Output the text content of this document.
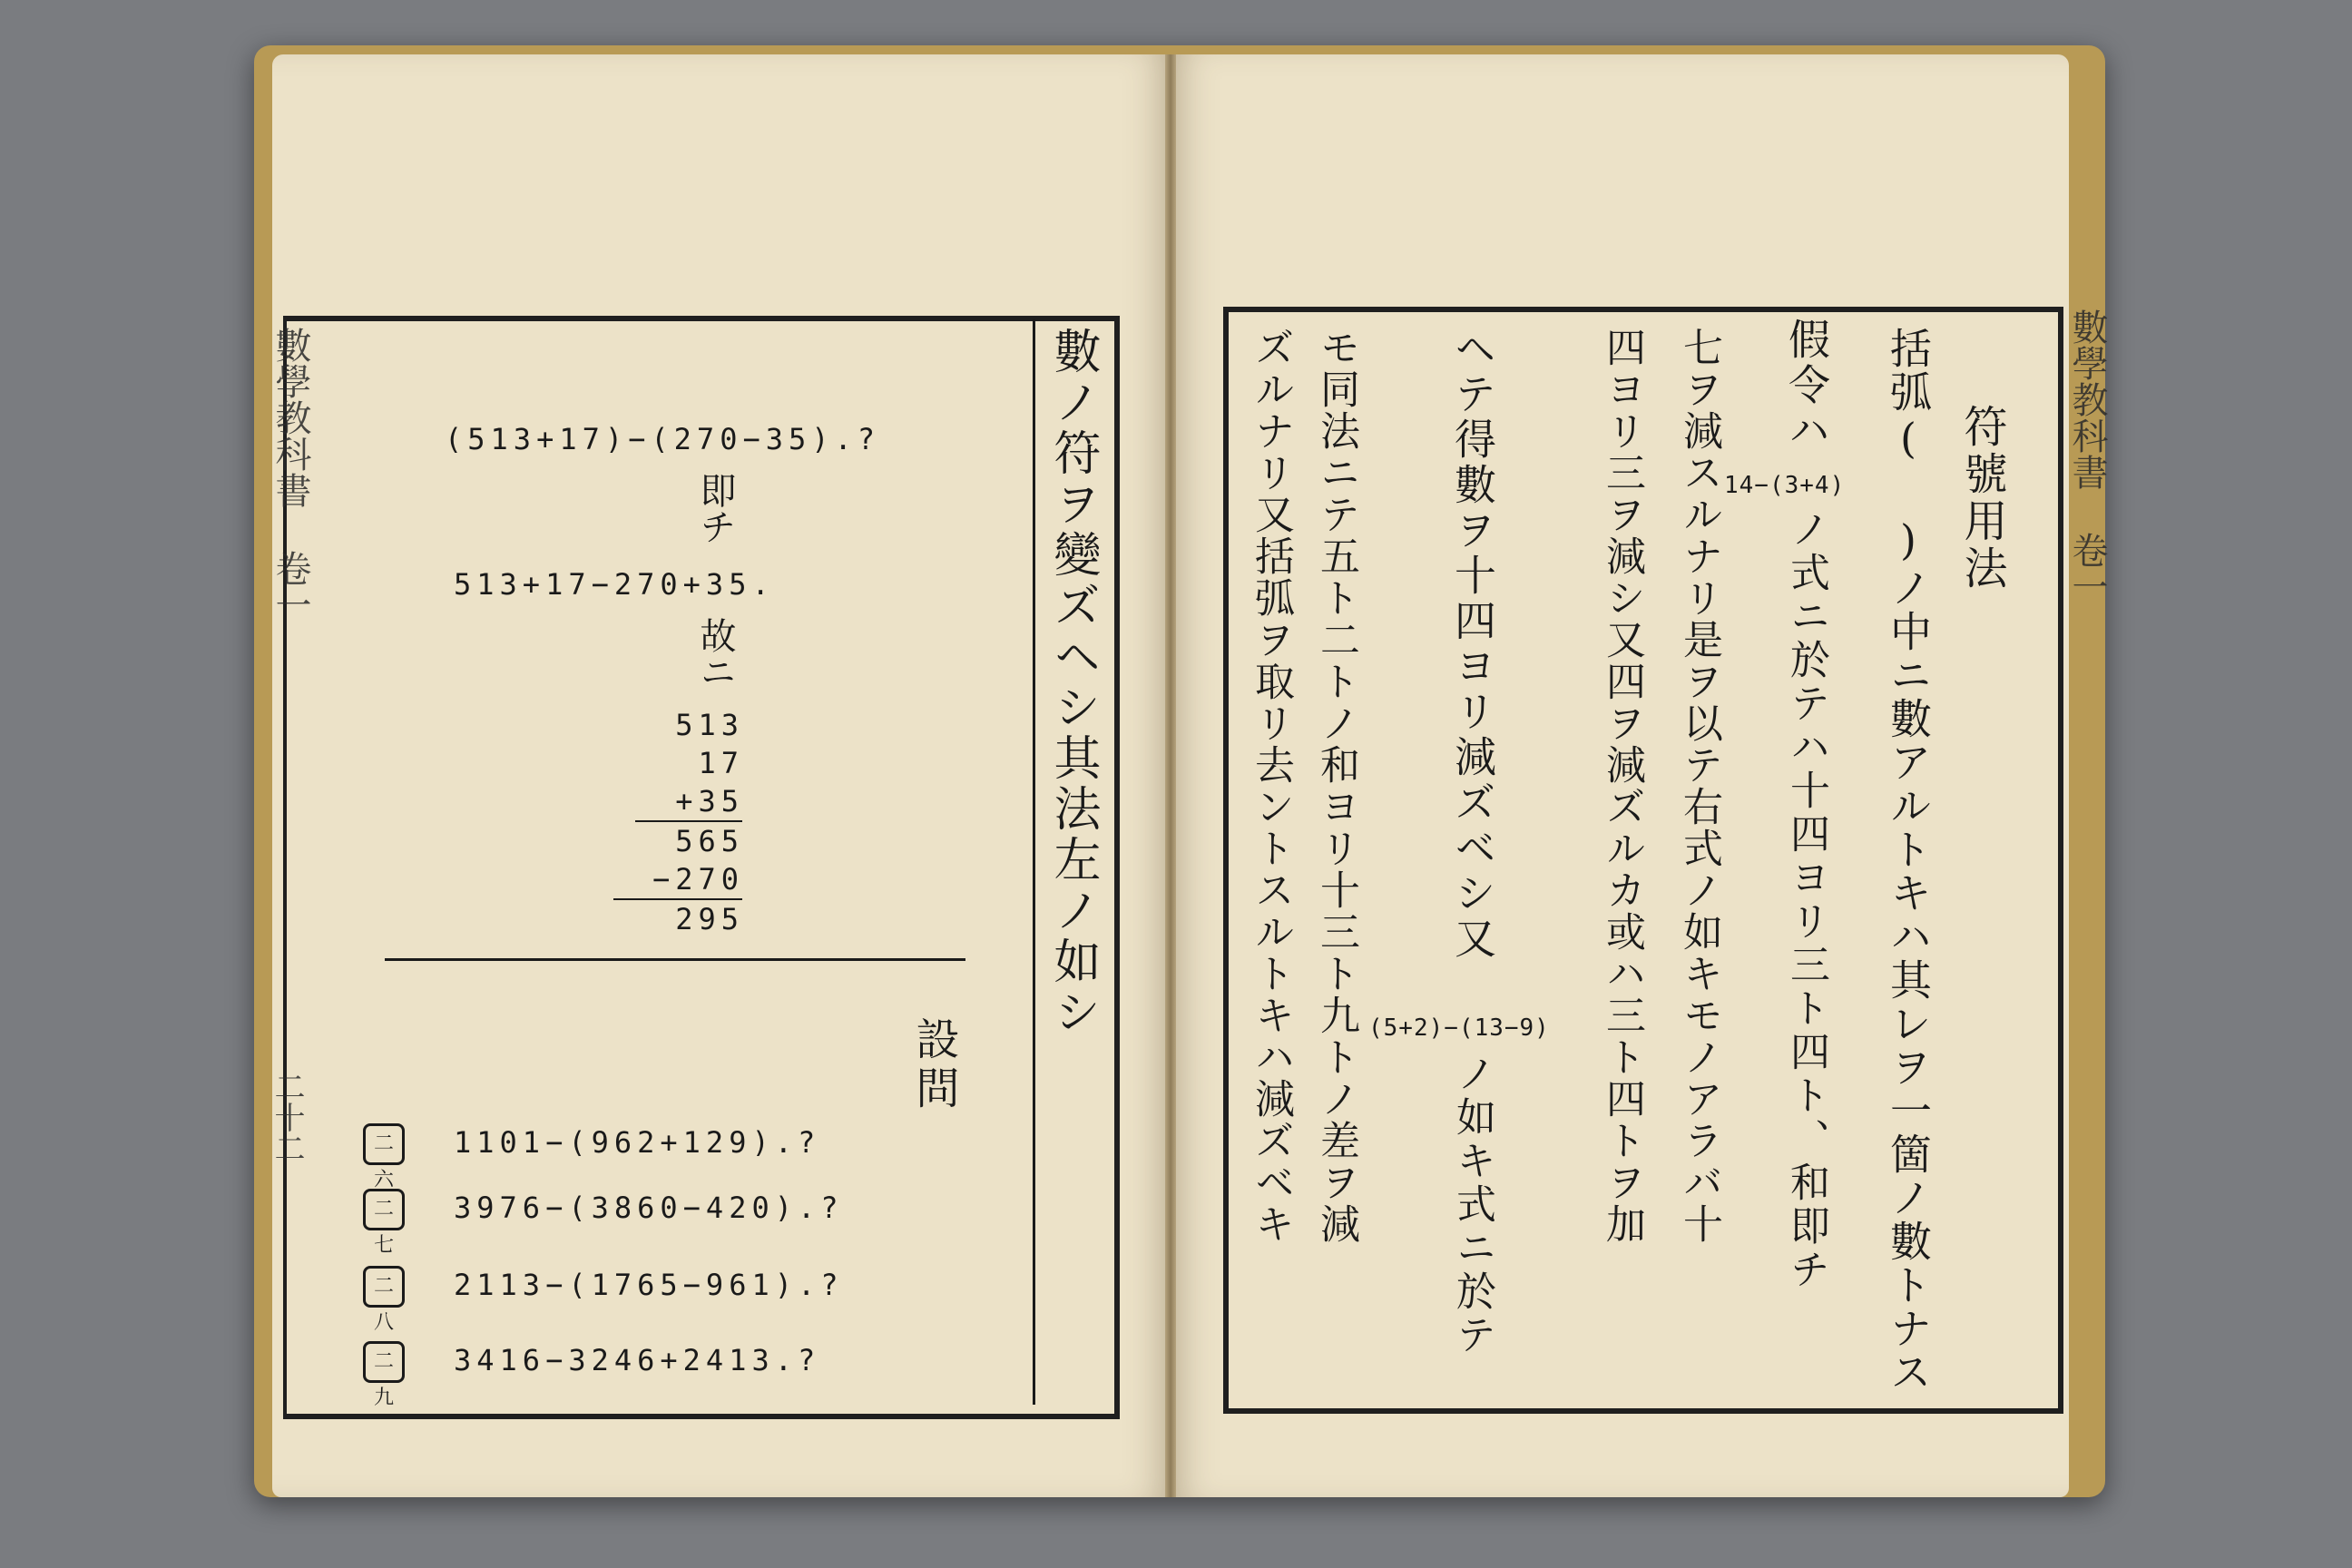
數學教科書 卷一
二十二
數ノ符ヲ變ズヘシ其法左ノ如シ
(513+17)−(270−35).?
即チ
513+17−270+35.
故ニ
513
17
+35
565
−270
295
設問
二六
1101−(962+129).?
二七
3976−(3860−420).?
二八
2113−(1765−961).?
二九
3416−3246+2413.?
數學教科書 卷一
符號用法
括弧( )ノ中ニ數アルトキハ其レヲ一箇ノ數トナス
假令ハ
14−(3+4)
ノ式ニ於テハ十四ヨリ三ト四ト、和即チ
七ヲ減スルナリ是ヲ以テ右式ノ如キモノアラバ十
四ヨリ三ヲ減シ又四ヲ減ズルカ或ハ三ト四トヲ加
ヘテ得數ヲ十四ヨリ減ズベシ又
(5+2)−(13−9)
ノ如キ式ニ於テ
モ同法ニテ五ト二トノ和ヨリ十三ト九トノ差ヲ減
ズルナリ又括弧ヲ取リ去ントスルトキハ減ズベキ
